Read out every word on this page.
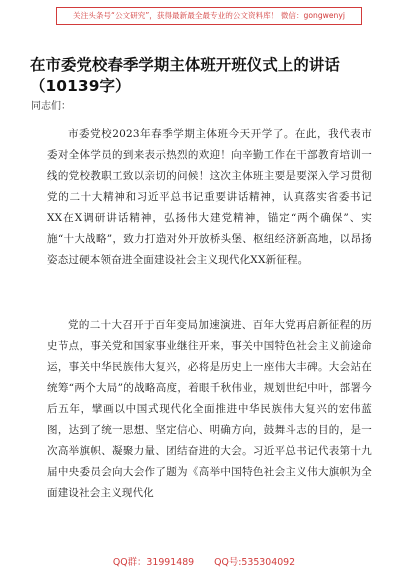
关注头条号“公文研究”，获得最新最全最专业的公文资料库！ 微信：gongwenyj
在市委党校春季学期主体班开班仪式上的讲话（10139字）
同志们：

市委党校2023年春季学期主体班今天开学了。在此，我代表市委对全体学员的到来表示热烈的欢迎！向辛勤工作在干部教育培训一线的党校教职工致以亲切的问候！这次主体班主要是要深入学习贯彻党的二十大精神和习近平总书记重要讲话精神，认真落实省委书记XX在X调研讲话精神，弘扬伟大建党精神，锚定“两个确保”、实施“十大战略”，致力打造对外开放桥头堡、枢纽经济新高地，以昂扬姿态过硬本领奋进全面建设社会主义现代化XX新征程。

党的二十大召开于百年变局加速演进、百年大党再启新征程的历史节点，事关党和国家事业继往开来，事关中国特色社会主义前途命运，事关中华民族伟大复兴，必将是历史上一座伟大丰碑。大会站在统筹“两个大局”的战略高度，着眼千秋伟业，规划世纪中叶，部署今后五年，擘画以中国式现代化全面推进中华民族伟大复兴的宏伟蓝图，达到了统一思想、坚定信心、明确方向，鼓舞斗志的目的，是一次高举旗帜、凝聚力量、团结奋进的大会。习近平总书记代表第十九届中央委员会向大会作了题为《高举中国特色社会主义伟大旗帜为全面建设社会主义现代化

QQ群：31991489 QQ号:535304092
